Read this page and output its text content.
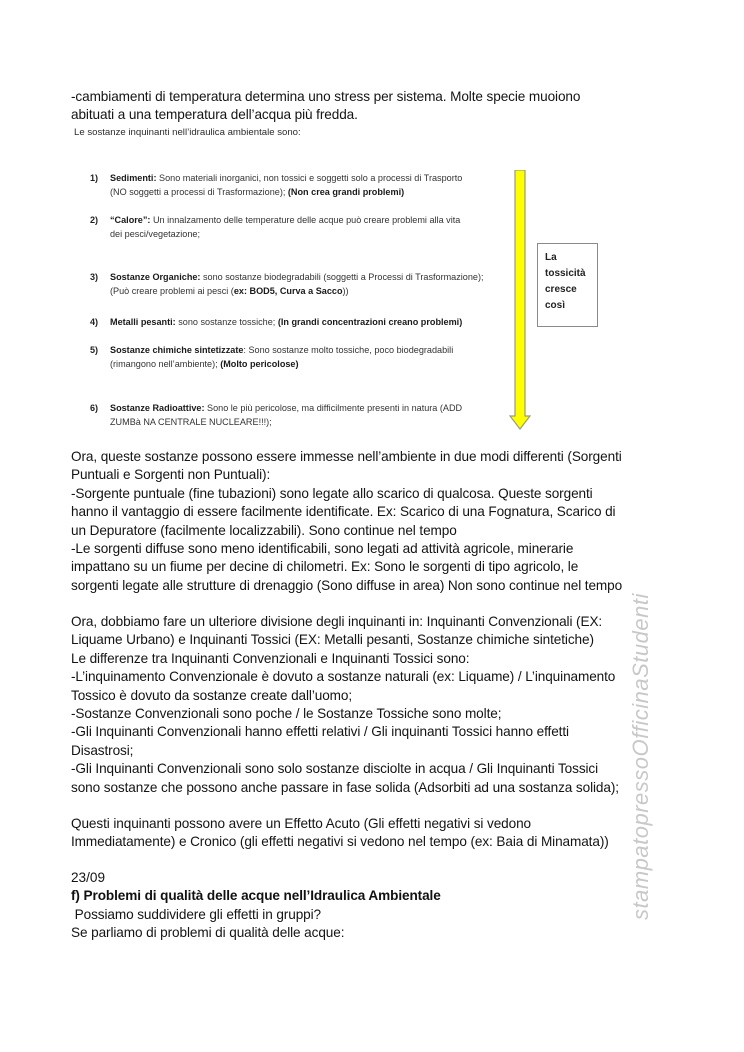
-cambiamenti di temperatura determina uno stress per sistema. Molte specie muoiono
abituati a una temperatura dell’acqua più fredda.
Le sostanze inquinanti nell’idraulica ambientale sono:
1) Sedimenti: Sono materiali inorganici, non tossici e soggetti solo a processi di Trasporto
(NO soggetti a processi di Trasformazione); (Non crea grandi problemi)
2) “Calore”: Un innalzamento delle temperature delle acque può creare problemi alla vita
dei pesci/vegetazione;
3) Sostanze Organiche: sono sostanze biodegradabili (soggetti a Processi di Trasformazione);
(Può creare problemi ai pesci (ex: BOD5, Curva a Sacco))
4) Metalli pesanti: sono sostanze tossiche; (In grandi concentrazioni creano problemi)
5) Sostanze chimiche sintetizzate: Sono sostanze molto tossiche, poco biodegradabili
(rimangono nell’ambiente); (Molto pericolose)
6) Sostanze Radioattive: Sono le più pericolose, ma difficilmente presenti in natura (ADD
ZUMBà NA CENTRALE NUCLEARE!!!);
La
tossicità
cresce
così
Ora, queste sostanze possono essere immesse nell’ambiente in due modi differenti (Sorgenti
Puntuali e Sorgenti non Puntuali):
-Sorgente puntuale (fine tubazioni) sono legate allo scarico di qualcosa. Queste sorgenti
hanno il vantaggio di essere facilmente identificate. Ex: Scarico di una Fognatura, Scarico di
un Depuratore (facilmente localizzabili). Sono continue nel tempo
-Le sorgenti diffuse sono meno identificabili, sono legati ad attività agricole, minerarie
impattano su un fiume per decine di chilometri. Ex: Sono le sorgenti di tipo agricolo, le
sorgenti legate alle strutture di drenaggio (Sono diffuse in area) Non sono continue nel tempo
Ora, dobbiamo fare un ulteriore divisione degli inquinanti in: Inquinanti Convenzionali (EX:
Liquame Urbano) e Inquinanti Tossici (EX: Metalli pesanti, Sostanze chimiche sintetiche)
Le differenze tra Inquinanti Convenzionali e Inquinanti Tossici sono:
-L’inquinamento Convenzionale è dovuto a sostanze naturali (ex: Liquame) / L’inquinamento
Tossico è dovuto da sostanze create dall’uomo;
-Sostanze Convenzionali sono poche / le Sostanze Tossiche sono molte;
-Gli Inquinanti Convenzionali hanno effetti relativi / Gli inquinanti Tossici hanno effetti
Disastrosi;
-Gli Inquinanti Convenzionali sono solo sostanze disciolte in acqua / Gli Inquinanti Tossici
sono sostanze che possono anche passare in fase solida (Adsorbiti ad una sostanza solida);
Questi inquinanti possono avere un Effetto Acuto (Gli effetti negativi si vedono
Immediatamente) e Cronico (gli effetti negativi si vedono nel tempo (ex: Baia di Minamata))
23/09
f) Problemi di qualità delle acque nell’Idraulica Ambientale
Possiamo suddividere gli effetti in gruppi?
Se parliamo di problemi di qualità delle acque:
stampatopressoOfficinaStudenti
